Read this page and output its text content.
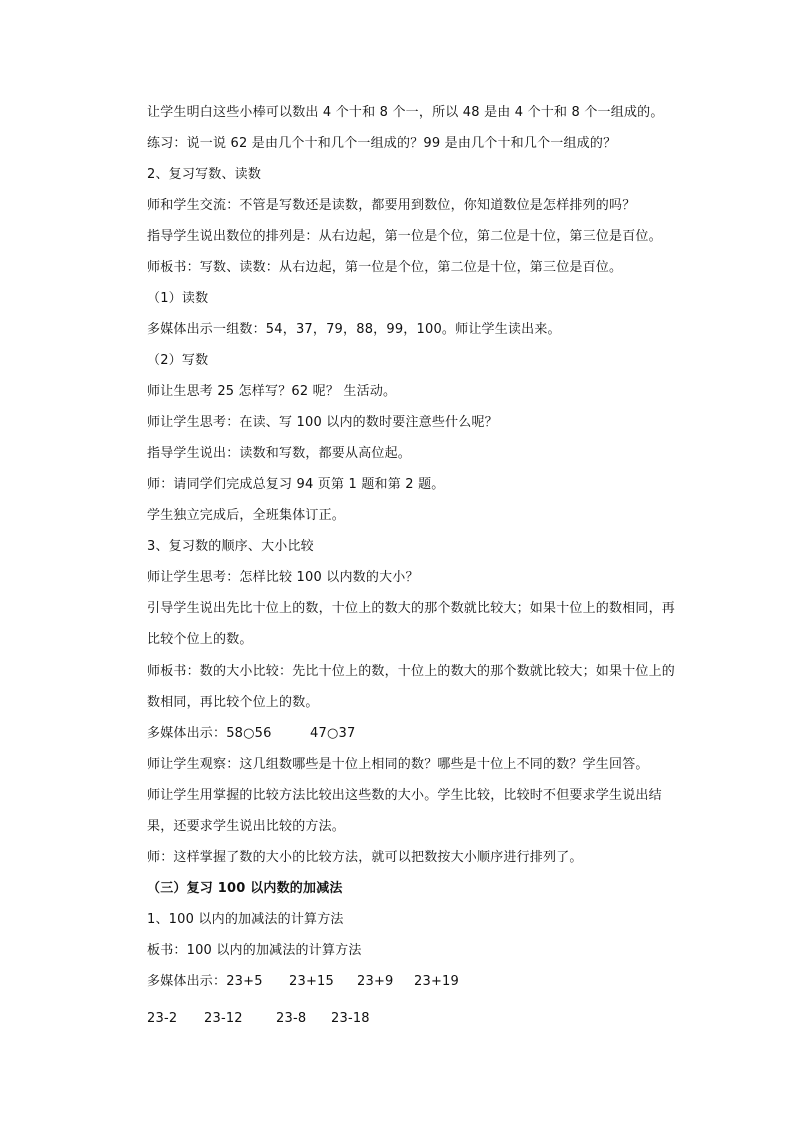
让学生明白这些小棒可以数出 4 个十和 8 个一，所以 48 是由 4 个十和 8 个一组成的。
练习：说一说 62 是由几个十和几个一组成的？99 是由几个十和几个一组成的？
2、复习写数、读数
师和学生交流：不管是写数还是读数，都要用到数位，你知道数位是怎样排列的吗？
指导学生说出数位的排列是：从右边起，第一位是个位，第二位是十位，第三位是百位。
师板书：写数、读数：从右边起，第一位是个位，第二位是十位，第三位是百位。
（1）读数
多媒体出示一组数：54，37，79，88，99，100。师让学生读出来。
（2）写数
师让生思考 25 怎样写？62 呢？ 生活动。
师让学生思考：在读、写 100 以内的数时要注意些什么呢？
指导学生说出：读数和写数，都要从高位起。
师：请同学们完成总复习 94 页第 1 题和第 2 题。
学生独立完成后，全班集体订正。
3、复习数的顺序、大小比较
师让学生思考：怎样比较 100 以内数的大小？
引导学生说出先比十位上的数，十位上的数大的那个数就比较大；如果十位上的数相同，再比较个位上的数。
师板书：数的大小比较：先比十位上的数，十位上的数大的那个数就比较大；如果十位上的数相同，再比较个位上的数。
多媒体出示：58○56	47○37
师让学生观察：这几组数哪些是十位上相同的数？哪些是十位上不同的数？学生回答。
师让学生用掌握的比较方法比较出这些数的大小。学生比较，比较时不但要求学生说出结果，还要求学生说出比较的方法。
师：这样掌握了数的大小的比较方法，就可以把数按大小顺序进行排列了。
（三）复习 100 以内数的加减法
1、100 以内的加减法的计算方法
板书：100 以内的加减法的计算方法
多媒体出示：23+5 23+15 23+9 23+19
23-2 23-12	23-8 23-18
